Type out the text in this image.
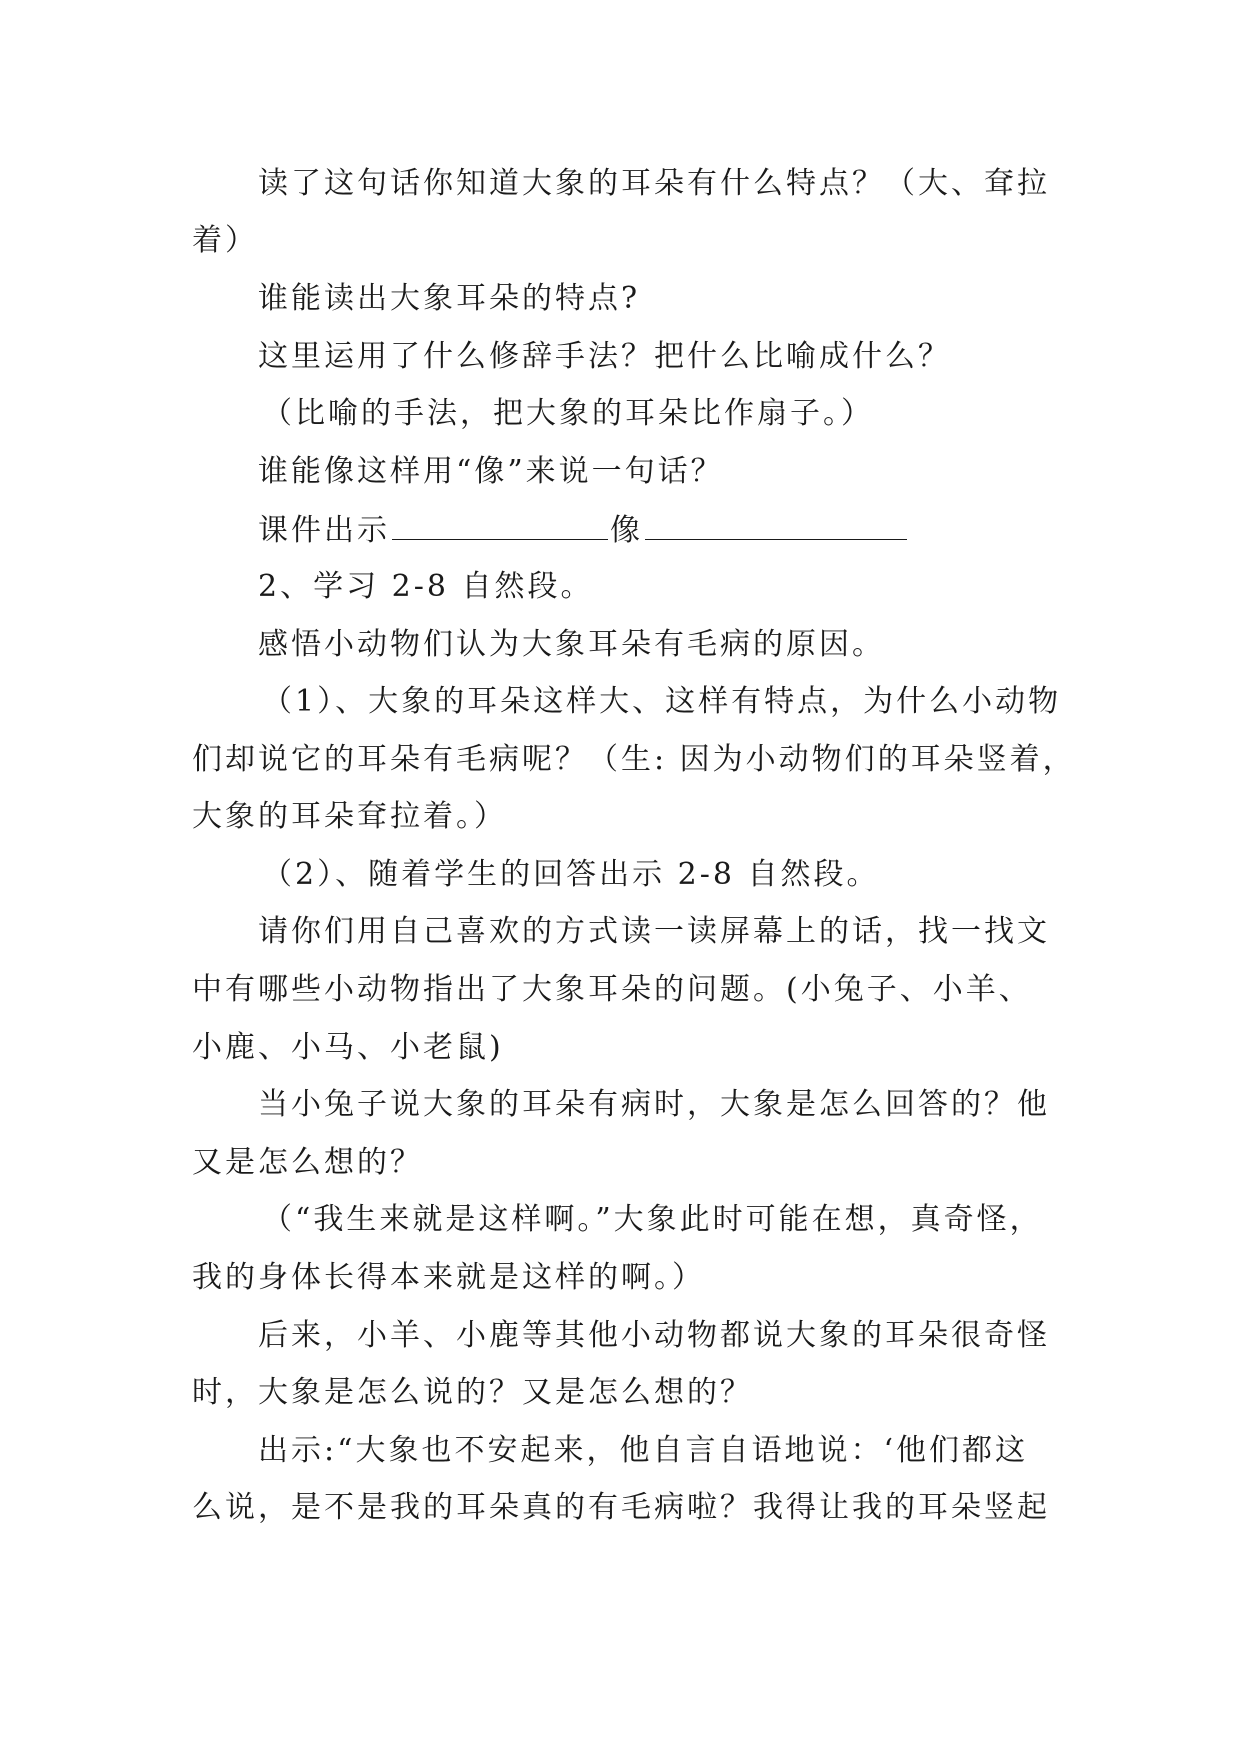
读了这句话你知道大象的耳朵有什么特点？（大、耷拉
着）
谁能读出大象耳朵的特点?
这里运用了什么修辞手法？把什么比喻成什么？
（比喻的手法，把大象的耳朵比作扇子。）
谁能像这样用“像”来说一句话？
课件出示	像
2、学习 2-8 自然段。
感悟小动物们认为大象耳朵有毛病的原因。
（1）、大象的耳朵这样大、这样有特点，为什么小动物
们却说它的耳朵有毛病呢？（生: 因为小动物们的耳朵竖着，
大象的耳朵耷拉着。）
（2）、随着学生的回答出示 2-8 自然段。
请你们用自己喜欢的方式读一读屏幕上的话，找一找文
中有哪些小动物指出了大象耳朵的问题。(小兔子、小羊、
小鹿、小马、小老鼠)
当小兔子说大象的耳朵有病时，大象是怎么回答的？他
又是怎么想的？
（“我生来就是这样啊。”大象此时可能在想，真奇怪，
我的身体长得本来就是这样的啊。）
后来，小羊、小鹿等其他小动物都说大象的耳朵很奇怪
时，大象是怎么说的？又是怎么想的？
出示:“大象也不安起来，他自言自语地说：‘他们都这
么说，是不是我的耳朵真的有毛病啦？我得让我的耳朵竖起
